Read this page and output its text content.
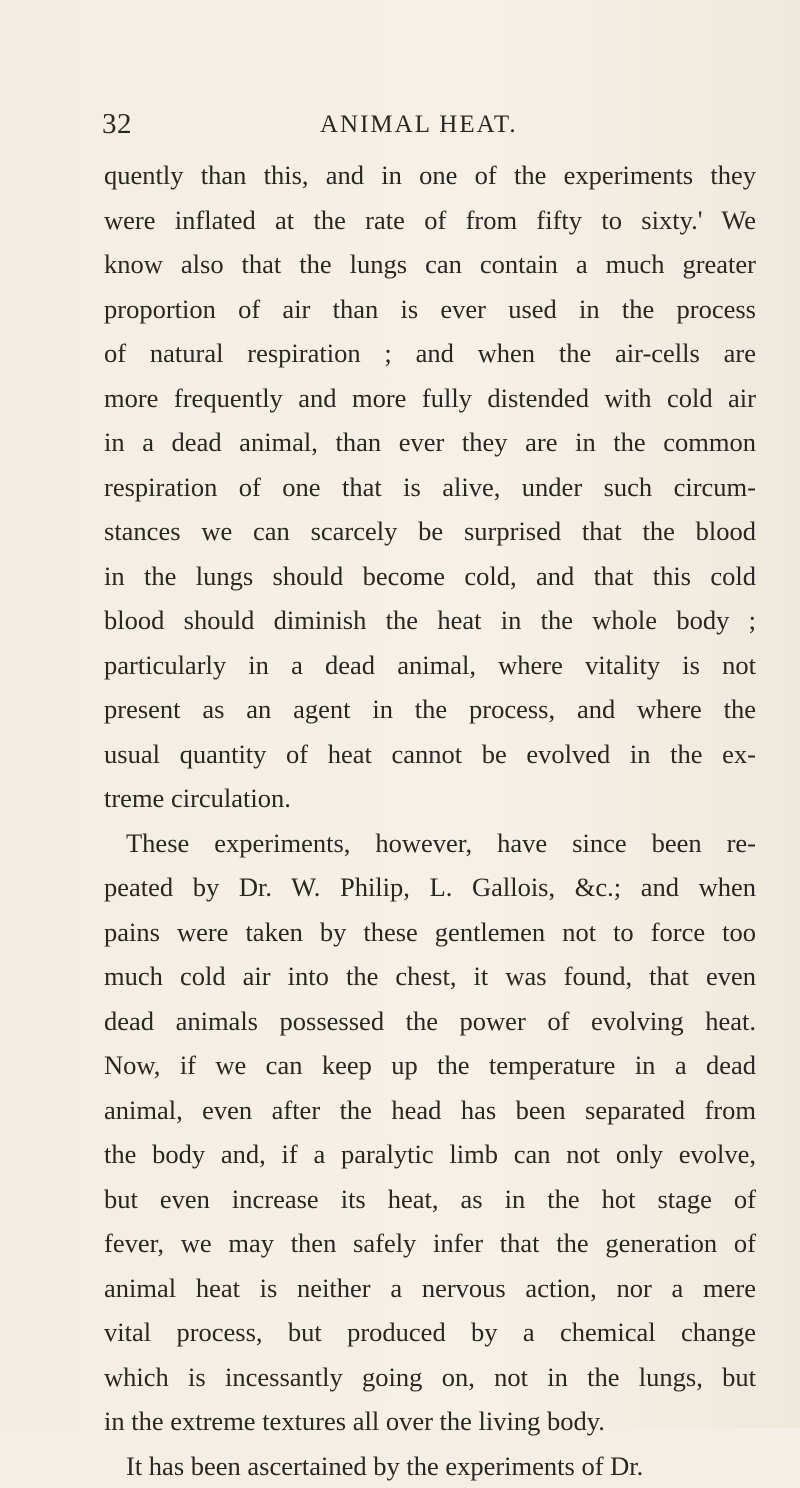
32	ANIMAL HEAT.
quently than this, and in one of the experiments they
were inflated at the rate of from fifty to sixty.' We
know also that the lungs can contain a much greater
proportion of air than is ever used in the process
of natural respiration ; and when the air-cells are
more frequently and more fully distended with cold air
in a dead animal, than ever they are in the common
respiration of one that is alive, under such circum-
stances we can scarcely be surprised that the blood
in the lungs should become cold, and that this cold
blood should diminish the heat in the whole body ;
particularly in a dead animal, where vitality is not
present as an agent in the process, and where the
usual quantity of heat cannot be evolved in the ex-
treme circulation.
These experiments, however, have since been re-
peated by Dr. W. Philip, L. Gallois, &c.; and when
pains were taken by these gentlemen not to force too
much cold air into the chest, it was found, that even
dead animals possessed the power of evolving heat.
Now, if we can keep up the temperature in a dead
animal, even after the head has been separated from
the body and, if a paralytic limb can not only evolve,
but even increase its heat, as in the hot stage of
fever, we may then safely infer that the generation of
animal heat is neither a nervous action, nor a mere
vital process, but produced by a chemical change
which is incessantly going on, not in the lungs, but
in the extreme textures all over the living body.
It has been ascertained by the experiments of Dr.
